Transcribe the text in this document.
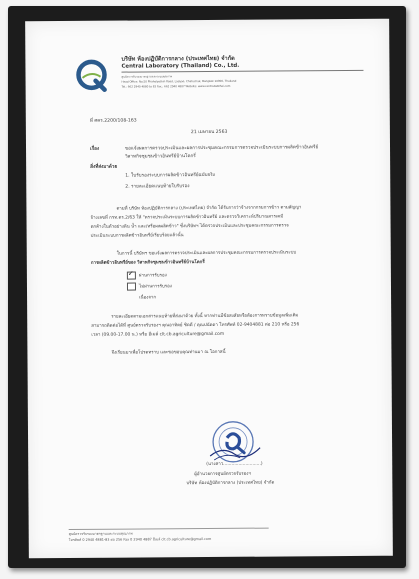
บริษัท ห้องปฏิบัติการกลาง (ประเทศไทย) จำกัด
Central Laboratory (Thailand) Co., Ltd.
ศูนย์ตรวจรับรองมาตรฐานและระบบคุณภาพ
Head Office: No.50 Phaholyothin Road, Ladyao, Chatuchak, Bangkok 10900, Thailand
Tel.: 662 2940 4880 to 83 Fax.: 662 2940 4887 Website: www.centrallabthai.com
ที่ ศคร.2200/108-163
21 เมษายน 2563
เรื่อง	ขอแจ้งผลการตรวจประเมินและผลการประชุมคณะกรรมการตรวจประเมินระบบการผลิตข้าวอินทรีย์
วิสาหกิจชุมชนข้าวอินทรีย์บ้านโคกรี่
สิ่งที่ส่งมาด้วย
1. ใบรับรองระบบการผลิตข้าวอินทรีย์ฉบับจริง
2. รายละเอียดแนบท้ายใบรับรอง
ตามที่ บริษัท ห้องปฏิบัติการกลาง (ประเทศไทย) จำกัด ได้รับการว่าจ้างจากกรมการข้าว ตามสัญญา
จ้างเลขที่ กรท.ตร.2/63 ให้ "ตรวจประเมินระบบการผลิตข้าวอินทรีย์ และตรวจวิเคราะห์ปริมาณสารเคมี
ตกค้างในตัวอย่างดิน น้ำ และ/หรือผลผลิตข้าว" ซึ่งบริษัทฯ ได้ตรวจประเมินและประชุมคณะกรรมการตรวจ
ประเมินระบบการผลิตข้าวอินทรีย์เรียบร้อยแล้วนั้น
ในการนี้ บริษัทฯ ขอแจ้งผลการตรวจประเมินและผลการประชุมคณะกรรมการตรวจประเมินระบบ
การผลิตข้าวอินทรีย์ของ วิสาหกิจชุมชนข้าวอินทรีย์บ้านโคกรี่
✓
ผ่านการรับรอง
ไม่ผ่านการรับรอง
เนื่องจาก
รายละเอียดตามเอกสารแนบท้ายที่ส่งมาด้วย ทั้งนี้ หากท่านมีข้อสงสัยหรือต้องการทราบข้อมูลเพิ่มเติม
สามารถติดต่อได้ที่ ศูนย์ตรวจรับรองฯ คุณอาทิตย์ ชิดดี / คุณปนัดดา โทรศัพท์ 02-9404881 ต่อ 210 หรือ 256
เวลา (09.00-17.00 น.) หรือ อีเมล์ clt.cb.agriculture@gmail.com
จึงเรียนมาเพื่อโปรดทราบ และขอขอบคุณท่านมา ณ โอกาสนี้
(นางสาว...........................)
ผู้อำนวยการศูนย์ตรวจรับรองฯ
บริษัท ห้องปฏิบัติการกลาง (ประเทศไทย) จำกัด
ศูนย์ตรวจรับรองมาตรฐานและระบบคุณภาพ
โทรศัพท์ 0 2940 4881-83 ต่อ 256 Fax 0 2940 4887 อีเมล์ clt.cb.agriculture@gmail.com
